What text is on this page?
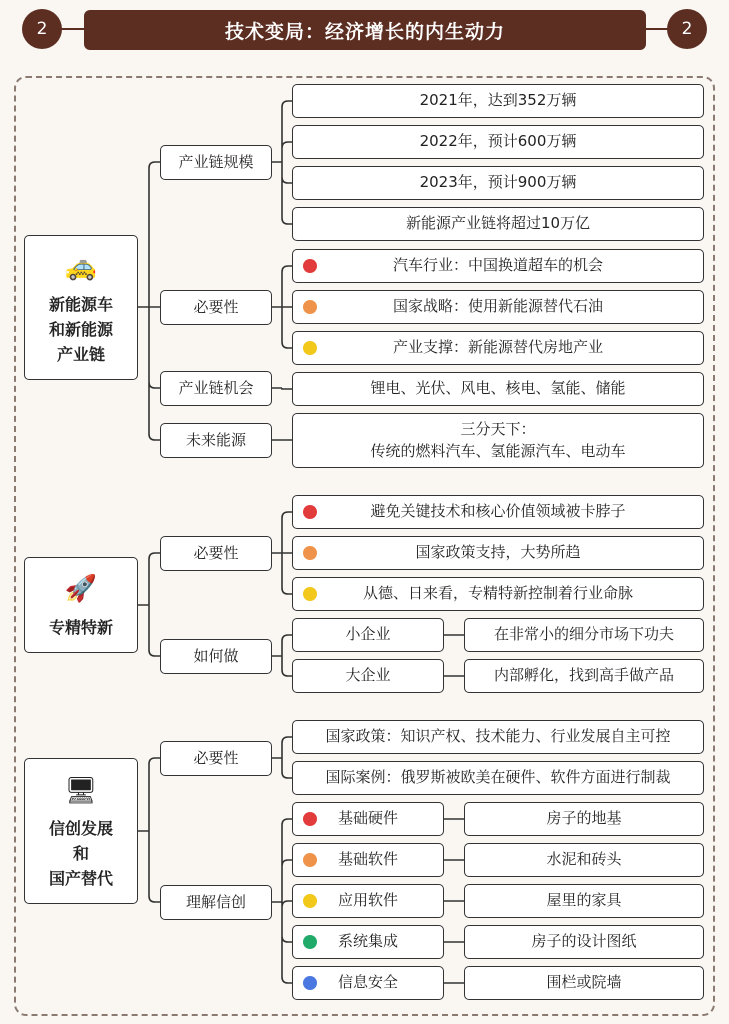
2	2
技术变局：经济增长的内生动力
🚕
新能源车
和新能源
产业链
产业链规模
必要性
产业链机会
未来能源
2021年，达到352万辆
2022年，预计600万辆
2023年，预计900万辆
新能源产业链将超过10万亿
汽车行业：中国换道超车的机会
国家战略：使用新能源替代石油
产业支撑：新能源替代房地产业
锂电、光伏、风电、核电、氢能、储能
三分天下：
传统的燃料汽车、氢能源汽车、电动车
🚀
专精特新
必要性
如何做
避免关键技术和核心价值领域被卡脖子
国家政策支持，大势所趋
从德、日来看，专精特新控制着行业命脉
小企业	在非常小的细分市场下功夫
大企业	内部孵化，找到高手做产品
🖥
信创发展
和
国产替代
必要性
理解信创
国家政策：知识产权、技术能力、行业发展自主可控
国际案例：俄罗斯被欧美在硬件、软件方面进行制裁
基础硬件	房子的地基
基础软件	水泥和砖头
应用软件	屋里的家具
系统集成	房子的设计图纸
信息安全	围栏或院墙
